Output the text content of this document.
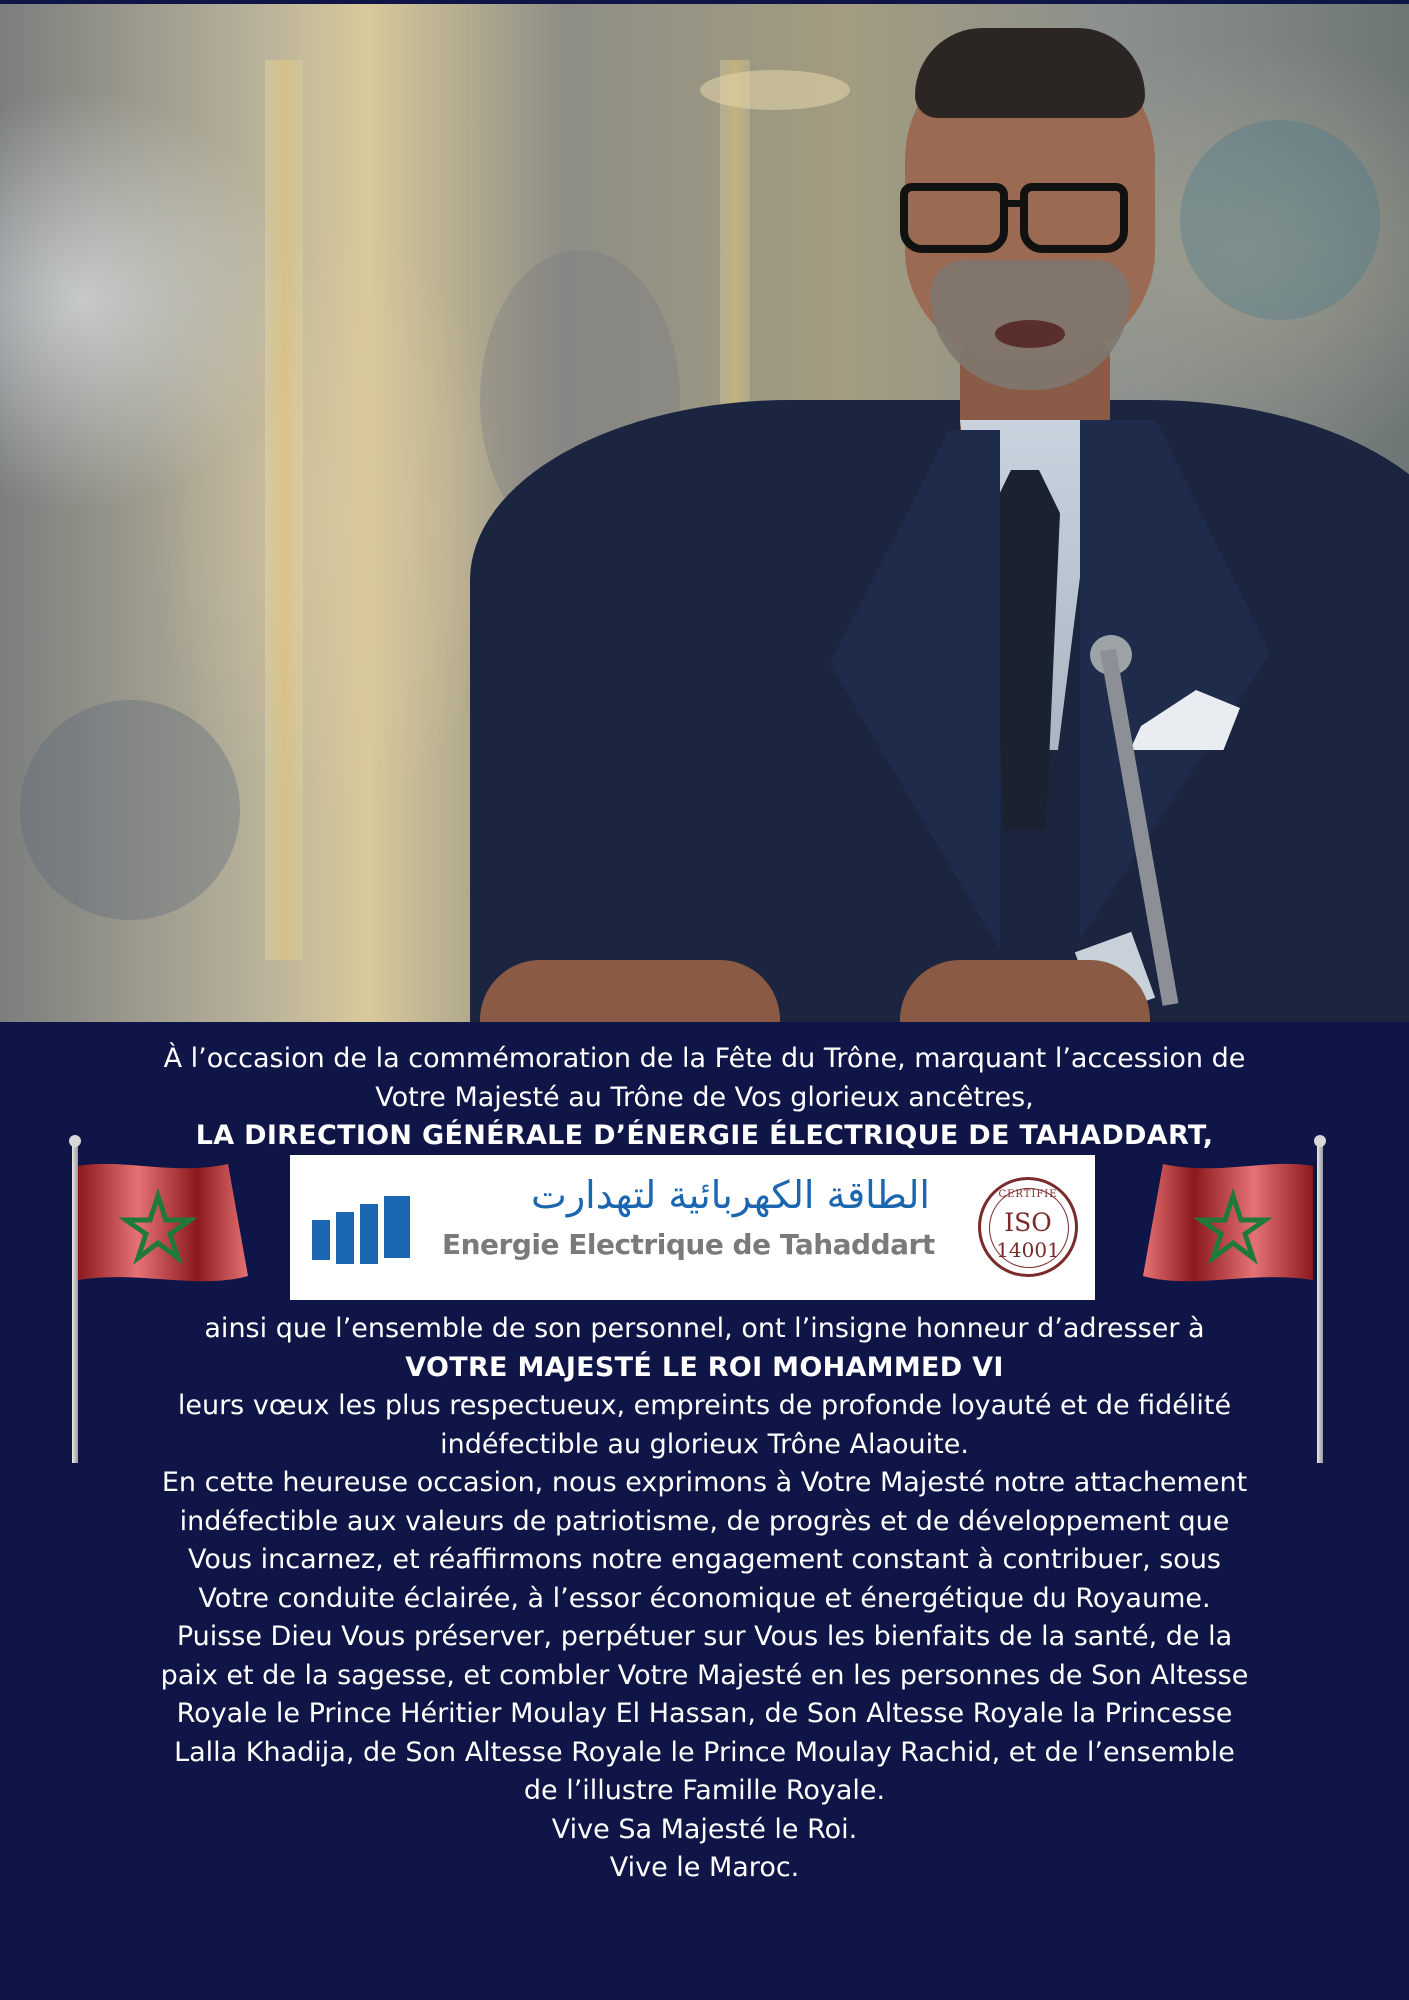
À l’occasion de la commémoration de la Fête du Trône, marquant l’accession de

Votre Majesté au Trône de Vos glorieux ancêtres,

LA DIRECTION GÉNÉRALE D’ÉNERGIE ÉLECTRIQUE DE TAHADDART,

الطاقة الكهربائية لتهدارت
Energie Electrique de Tahaddart
CERTIFIE
ISO
14001

ainsi que l’ensemble de son personnel, ont l’insigne honneur d’adresser à

VOTRE MAJESTÉ LE ROI MOHAMMED VI

leurs vœux les plus respectueux, empreints de profonde loyauté et de fidélité

indéfectible au glorieux Trône Alaouite.

En cette heureuse occasion, nous exprimons à Votre Majesté notre attachement

indéfectible aux valeurs de patriotisme, de progrès et de développement que

Vous incarnez, et réaffirmons notre engagement constant à contribuer, sous

Votre conduite éclairée, à l’essor économique et énergétique du Royaume.

Puisse Dieu Vous préserver, perpétuer sur Vous les bienfaits de la santé, de la

paix et de la sagesse, et combler Votre Majesté en les personnes de Son Altesse

Royale le Prince Héritier Moulay El Hassan, de Son Altesse Royale la Princesse

Lalla Khadija, de Son Altesse Royale le Prince Moulay Rachid, et de l’ensemble

de l’illustre Famille Royale.

Vive Sa Majesté le Roi.

Vive le Maroc.
